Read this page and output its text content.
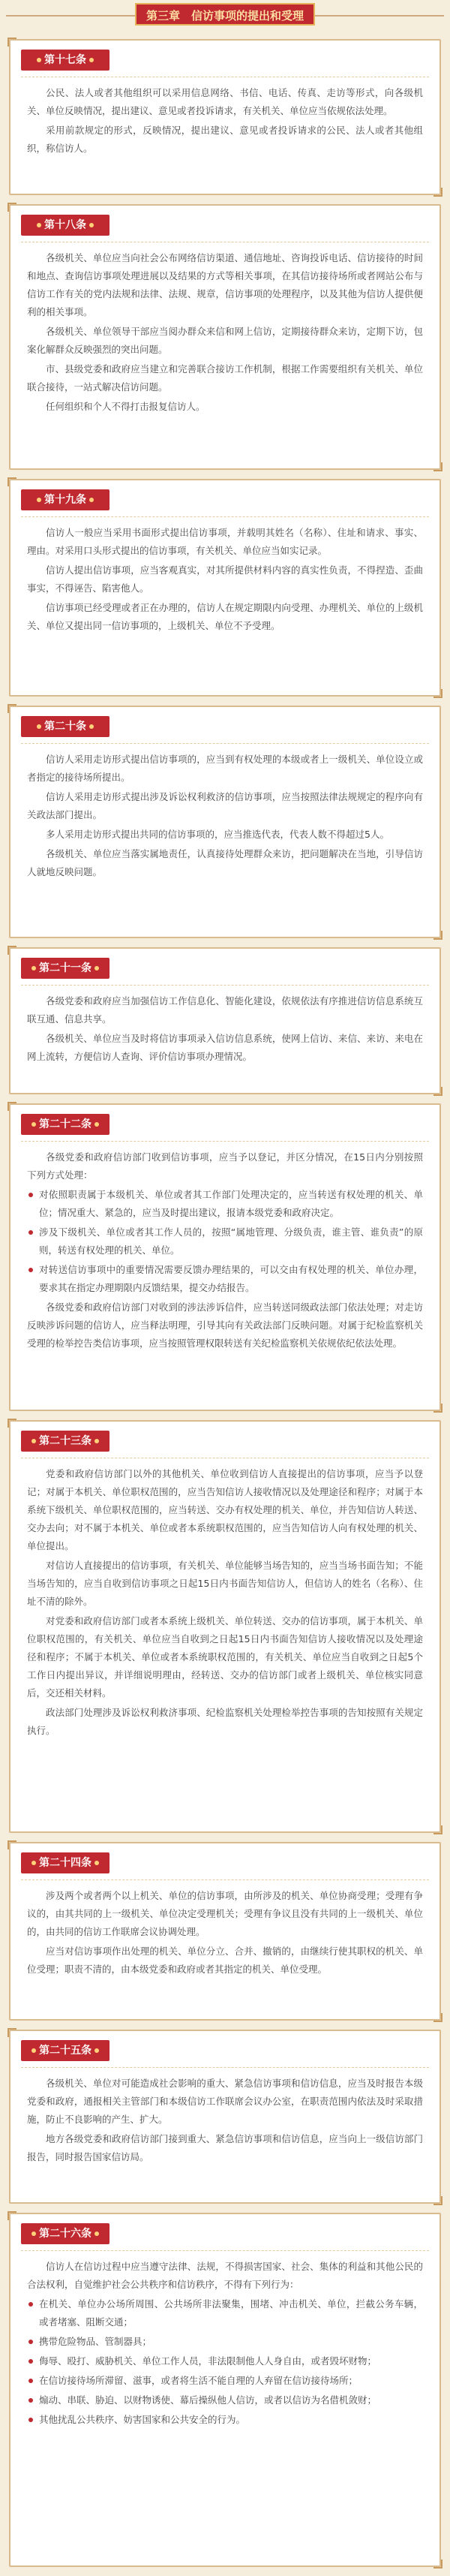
第三章　信访事项的提出和受理
第十七条

公民、法人或者其他组织可以采用信息网络、书信、电话、传真、走访等形式，向各级机关、单位反映情况，提出建议、意见或者投诉请求，有关机关、单位应当依规依法处理。

采用前款规定的形式，反映情况，提出建议、意见或者投诉请求的公民、法人或者其他组织，称信访人。

第十八条

各级机关、单位应当向社会公布网络信访渠道、通信地址、咨询投诉电话、信访接待的时间和地点、查询信访事项处理进展以及结果的方式等相关事项，在其信访接待场所或者网站公布与信访工作有关的党内法规和法律、法规、规章，信访事项的处理程序，以及其他为信访人提供便利的相关事项。

各级机关、单位领导干部应当阅办群众来信和网上信访，定期接待群众来访，定期下访，包案化解群众反映强烈的突出问题。

市、县级党委和政府应当建立和完善联合接访工作机制，根据工作需要组织有关机关、单位联合接待，一站式解决信访问题。

任何组织和个人不得打击报复信访人。

第十九条

信访人一般应当采用书面形式提出信访事项，并载明其姓名（名称）、住址和请求、事实、理由。对采用口头形式提出的信访事项，有关机关、单位应当如实记录。

信访人提出信访事项，应当客观真实，对其所提供材料内容的真实性负责，不得捏造、歪曲事实，不得诬告、陷害他人。

信访事项已经受理或者正在办理的，信访人在规定期限内向受理、办理机关、单位的上级机关、单位又提出同一信访事项的，上级机关、单位不予受理。

第二十条

信访人采用走访形式提出信访事项的，应当到有权处理的本级或者上一级机关、单位设立或者指定的接待场所提出。

信访人采用走访形式提出涉及诉讼权利救济的信访事项，应当按照法律法规规定的程序向有关政法部门提出。

多人采用走访形式提出共同的信访事项的，应当推选代表，代表人数不得超过5人。

各级机关、单位应当落实属地责任，认真接待处理群众来访，把问题解决在当地，引导信访人就地反映问题。

第二十一条

各级党委和政府应当加强信访工作信息化、智能化建设，依规依法有序推进信访信息系统互联互通、信息共享。

各级机关、单位应当及时将信访事项录入信访信息系统，使网上信访、来信、来访、来电在网上流转，方便信访人查询、评价信访事项办理情况。

第二十二条

各级党委和政府信访部门收到信访事项，应当予以登记，并区分情况，在15日内分别按照下列方式处理：

对依照职责属于本级机关、单位或者其工作部门处理决定的，应当转送有权处理的机关、单位；情况重大、紧急的，应当及时提出建议，报请本级党委和政府决定。
涉及下级机关、单位或者其工作人员的，按照“属地管理、分级负责，谁主管、谁负责”的原则，转送有权处理的机关、单位。
对转送信访事项中的重要情况需要反馈办理结果的，可以交由有权处理的机关、单位办理，要求其在指定办理期限内反馈结果，提交办结报告。

各级党委和政府信访部门对收到的涉法涉诉信件，应当转送同级政法部门依法处理；对走访反映涉诉问题的信访人，应当释法明理，引导其向有关政法部门反映问题。对属于纪检监察机关受理的检举控告类信访事项，应当按照管理权限转送有关纪检监察机关依规依纪依法处理。

第二十三条

党委和政府信访部门以外的其他机关、单位收到信访人直接提出的信访事项，应当予以登记；对属于本机关、单位职权范围的，应当告知信访人接收情况以及处理途径和程序；对属于本系统下级机关、单位职权范围的，应当转送、交办有权处理的机关、单位，并告知信访人转送、交办去向；对不属于本机关、单位或者本系统职权范围的，应当告知信访人向有权处理的机关、单位提出。

对信访人直接提出的信访事项，有关机关、单位能够当场告知的，应当当场书面告知；不能当场告知的，应当自收到信访事项之日起15日内书面告知信访人，但信访人的姓名（名称）、住址不清的除外。

对党委和政府信访部门或者本系统上级机关、单位转送、交办的信访事项，属于本机关、单位职权范围的，有关机关、单位应当自收到之日起15日内书面告知信访人接收情况以及处理途径和程序；不属于本机关、单位或者本系统职权范围的，有关机关、单位应当自收到之日起5个工作日内提出异议，并详细说明理由，经转送、交办的信访部门或者上级机关、单位核实同意后，交还相关材料。

政法部门处理涉及诉讼权利救济事项、纪检监察机关处理检举控告事项的告知按照有关规定执行。

第二十四条

涉及两个或者两个以上机关、单位的信访事项，由所涉及的机关、单位协商受理；受理有争议的，由其共同的上一级机关、单位决定受理机关；受理有争议且没有共同的上一级机关、单位的，由共同的信访工作联席会议协调处理。

应当对信访事项作出处理的机关、单位分立、合并、撤销的，由继续行使其职权的机关、单位受理；职责不清的，由本级党委和政府或者其指定的机关、单位受理。

第二十五条

各级机关、单位对可能造成社会影响的重大、紧急信访事项和信访信息，应当及时报告本级党委和政府，通报相关主管部门和本级信访工作联席会议办公室，在职责范围内依法及时采取措施，防止不良影响的产生、扩大。

地方各级党委和政府信访部门接到重大、紧急信访事项和信访信息，应当向上一级信访部门报告，同时报告国家信访局。

第二十六条

信访人在信访过程中应当遵守法律、法规，不得损害国家、社会、集体的利益和其他公民的合法权利，自觉维护社会公共秩序和信访秩序，不得有下列行为：

在机关、单位办公场所周围、公共场所非法聚集，围堵、冲击机关、单位，拦截公务车辆，或者堵塞、阻断交通；
携带危险物品、管制器具；
侮辱、殴打、威胁机关、单位工作人员，非法限制他人人身自由，或者毁坏财物；
在信访接待场所滞留、滋事，或者将生活不能自理的人弃留在信访接待场所；
煽动、串联、胁迫、以财物诱使、幕后操纵他人信访，或者以信访为名借机敛财；
其他扰乱公共秩序、妨害国家和公共安全的行为。
